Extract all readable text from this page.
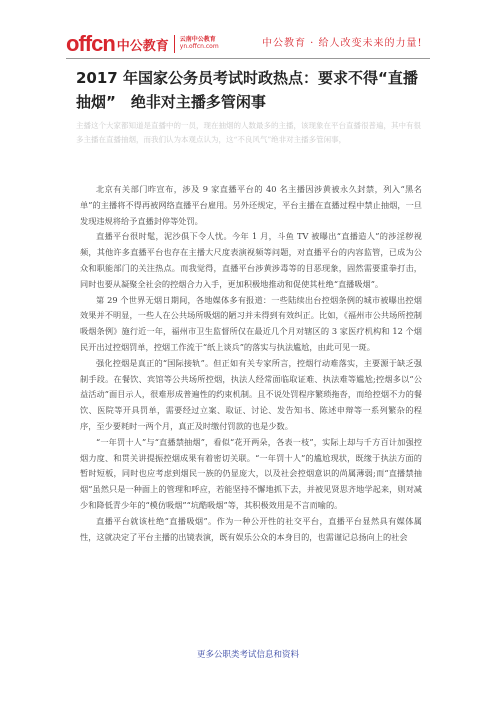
offcn 中公教育 云南中公教育
yn.offcn.com	中公教育 · 给人改变未来的力量!
2017 年国家公务员考试时政热点：要求不得“直播抽烟”　绝非对主播多管闲事

主播这个大家都知道是直播中的一员，现在抽烟的人数最多的主播，该现象在平台直播很普遍，其中有很多主播在直播抽烟，而我们认为本观点认为，这“不良风气”绝非对主播多管闲事，

北京有关部门昨宣布，涉及 9 家直播平台的 40 名主播因涉黄被永久封禁，列入“黑名单”的主播将不得再被网络直播平台雇用。另外还规定，平台主播在直播过程中禁止抽烟，一旦发现违规将给予直播封停等处罚。

直播平台很时髦，泥沙俱下令人忧。今年 1 月，斗鱼 TV 被曝出“直播造人”的涉淫秽视频，其他许多直播平台也存在主播大尺度表演视频等问题，对直播平台的内容监管，已成为公众和职能部门的关注热点。而我觉得，直播平台涉黄涉毒等的目恶现象，固然需要重拳打击，同时也要从凝聚全社会的控烟合力入手，更加积极地推动和促使其杜绝“直播吸烟”。

第 29 个世界无烟日期间，各地媒体多有报道：一些陆续出台控烟条例的城市被曝出控烟效果并不明显，一些人在公共场所吸烟的陋习并未得到有效纠正。比如，《福州市公共场所控制吸烟条例》施行近一年，福州市卫生监督所仅在最近几个月对辖区的 3 家医疗机构和 12 个烟民开出过控烟罚单，控烟工作流于“纸上谈兵”的落实与执法尴尬，由此可见一斑。

强化控烟是真正的“国际接轨”。但正如有关专家所言，控烟行动难落实，主要源于缺乏强制手段。在餐饮、宾馆等公共场所控烟，执法人经常面临取证难、执法难等尴尬;控烟多以“公益活动”面目示人，很难形成普遍性的约束机制。且不说处罚程序繁琐拖沓，而给控烟不力的餐饮、医院等开具罚单，需要经过立案、取证、讨论、发告知书、陈述申辩等一系列繁杂的程序，至少要耗时一两个月，真正及时缴付罚款的也是少数。

“一年罚十人”与“直播禁抽烟”，看似“花开两朵，各表一枝”，实际上却与千方百计加强控烟力度、和贯关讲提振控烟成果有着密切关联。“一年罚十人”的尴尬现状，既缘于执法方面的暂时短板，同时也应考虑到烟民一族的仍显庞大，以及社会控烟意识的尚属薄弱;而“直播禁抽烟”虽然只是一种面上的管理和呼应，若能坚持不懈地抓下去，并被见贤思齐地学起来，则对减少和降低青少年的“模仿吸烟”“坑酷吸烟”等，其积极效用是不言而喻的。

直播平台就该杜绝“直播吸烟”。作为一种公开性的社交平台，直播平台显然具有媒体属性，这就决定了平台主播的出镜表演，既有娱乐公众的本身目的，也需谨记总扬向上的社会

更多公职类考试信息和资料
